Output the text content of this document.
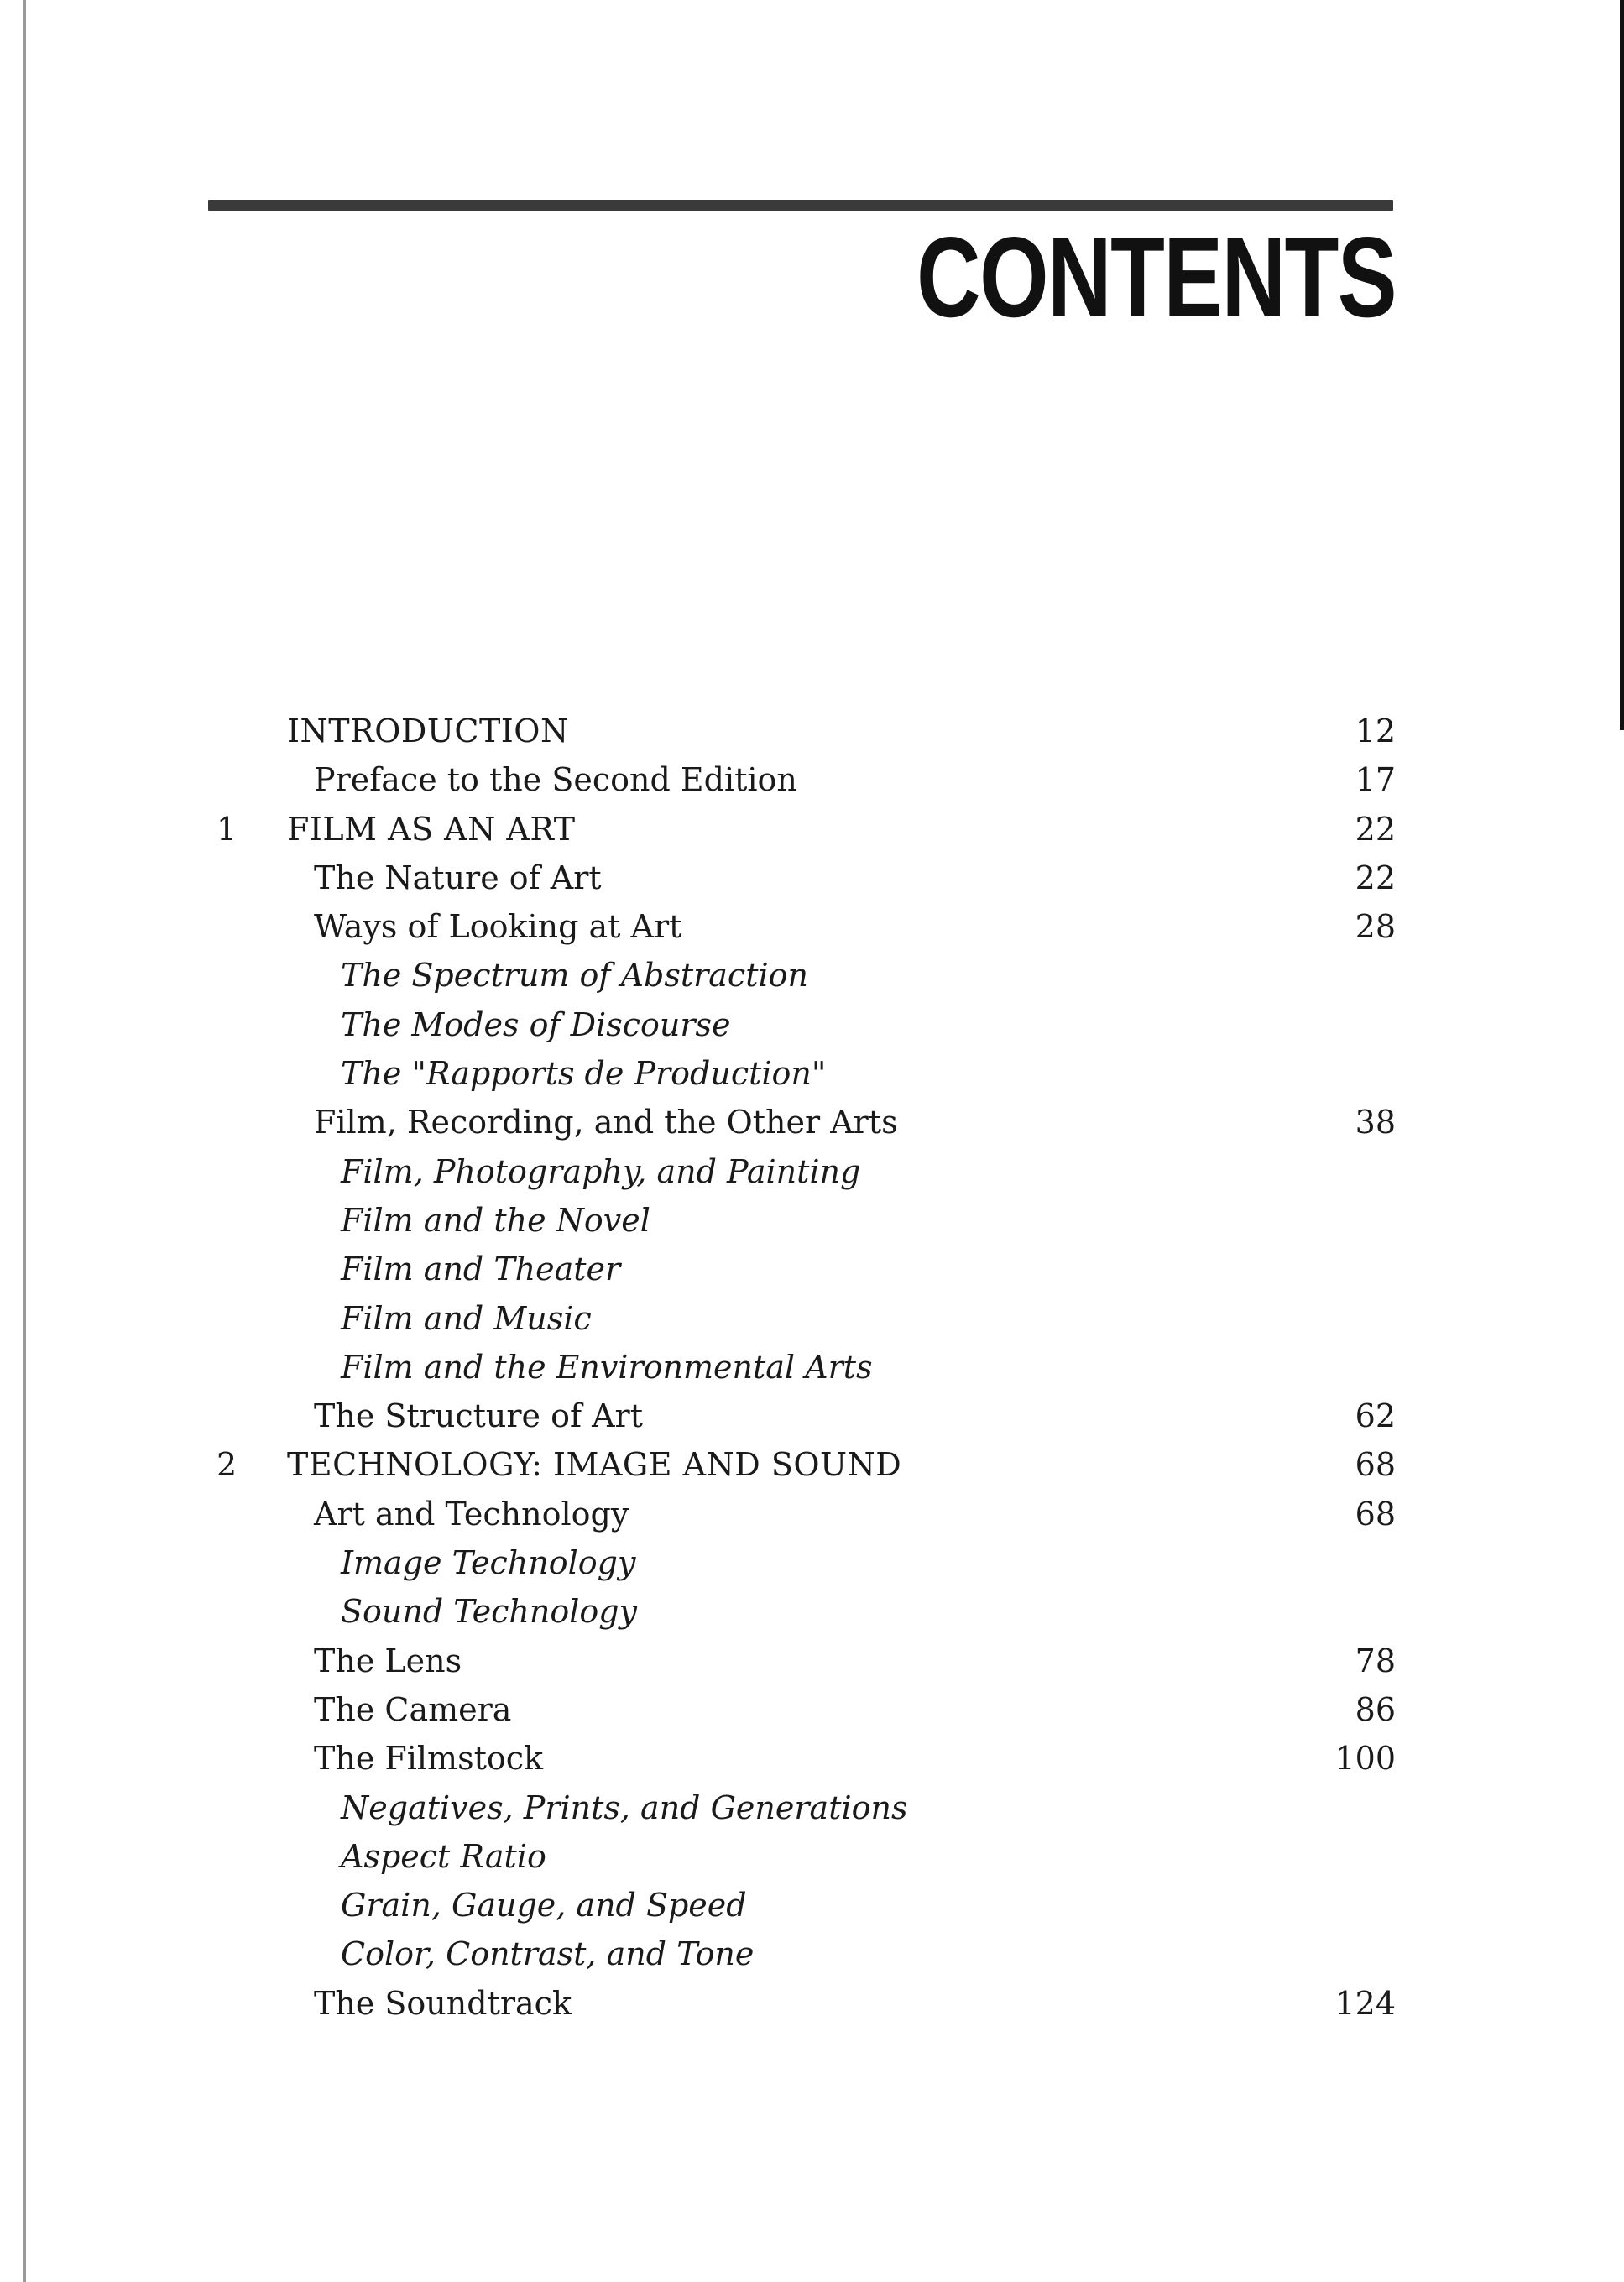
CONTENTS
INTRODUCTION	12
Preface to the Second Edition	17
1 FILM AS AN ART	22
The Nature of Art	22
Ways of Looking at Art	28
The Spectrum of Abstraction
The Modes of Discourse
The "Rapports de Production"
Film, Recording, and the Other Arts	38
Film, Photography, and Painting
Film and the Novel
Film and Theater
Film and Music
Film and the Environmental Arts
The Structure of Art	62
2 TECHNOLOGY: IMAGE AND SOUND	68
Art and Technology	68
Image Technology
Sound Technology
The Lens	78
The Camera	86
The Filmstock	100
Negatives, Prints, and Generations
Aspect Ratio
Grain, Gauge, and Speed
Color, Contrast, and Tone
The Soundtrack	124
